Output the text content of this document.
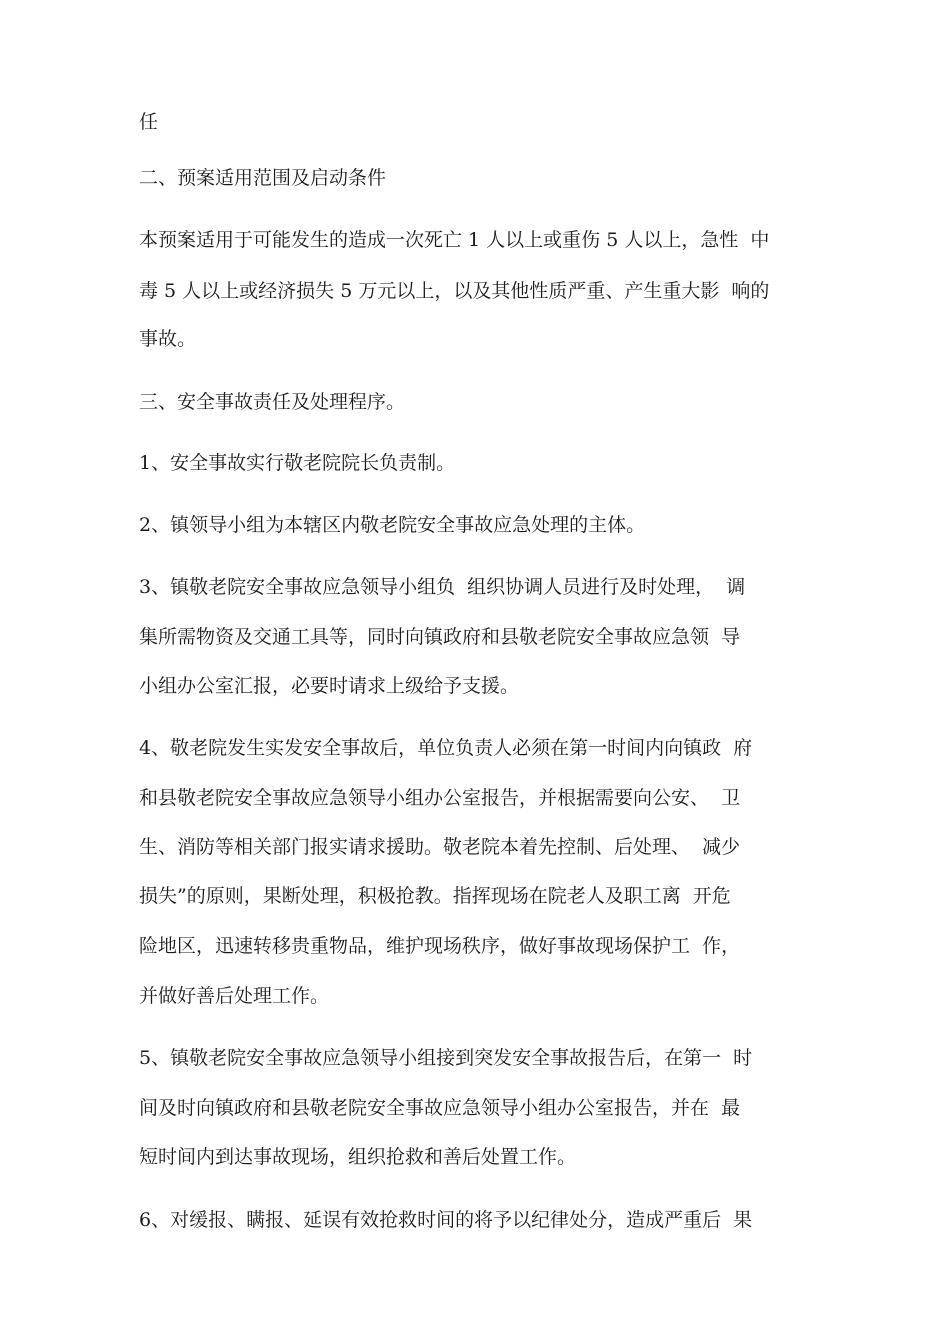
任
二、预案适用范围及启动条件
本预案适用于可能发生的造成一次死亡 1 人以上或重伤 5 人以上，急性  中
毒 5 人以上或经济损失 5 万元以上，以及其他性质严重、产生重大影  响的
事故。
三、安全事故责任及处理程序。
1、安全事故实行敬老院院长负责制。
2、镇领导小组为本辖区内敬老院安全事故应急处理的主体。
3、镇敬老院安全事故应急领导小组负  组织协调人员进行及时处理，  调
集所需物资及交通工具等，同时向镇政府和县敬老院安全事故应急领  导
小组办公室汇报，必要时请求上级给予支援。
4、敬老院发生实发安全事故后，单位负责人必须在第一时间内向镇政  府
和县敬老院安全事故应急领导小组办公室报告，并根据需要向公安、  卫
生、消防等相关部门报实请求援助。敬老院本着先控制、后处理、  减少
损失”的原则，果断处理，积极抢教。指挥现场在院老人及职工离  开危
险地区，迅速转移贵重物品，维护现场秩序，做好事故现场保护工  作，
并做好善后处理工作。
5、镇敬老院安全事故应急领导小组接到突发安全事故报告后，在第一  时
间及时向镇政府和县敬老院安全事故应急领导小组办公室报告，并在  最
短时间内到达事故现场，组织抢救和善后处置工作。
6、对缓报、瞒报、延误有效抢救时间的将予以纪律处分，造成严重后  果
